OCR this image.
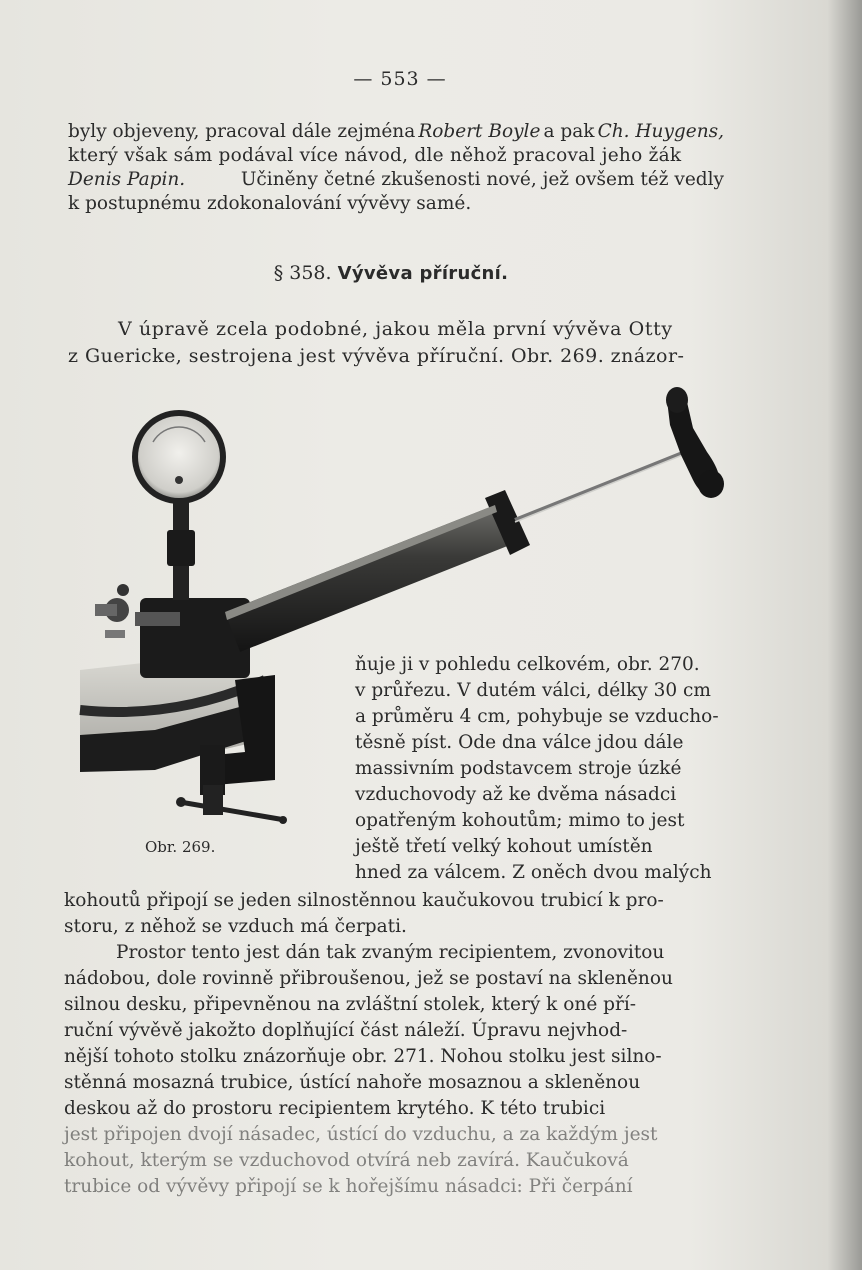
— 553 —
byly objeveny, pracoval dále zejména Robert Boyle a pak Ch. Huygens,
který však sám podával více návod, dle něhož pracoval jeho žák
Denis Papin.	Učiněny četné zkušenosti nové, jež ovšem též vedly
k postupnému zdokonalování vývěvy samé.
§ 358. Vývěva příruční.
V úpravě zcela podobné, jakou měla první vývěva Otty
z Guericke, sestrojena jest vývěva příruční. Obr. 269. znázor-
Obr. 269.
ňuje ji v pohledu celkovém, obr. 270.
v průřezu. V dutém válci, délky 30 cm
a průměru 4 cm, pohybuje se vzducho-
těsně píst. Ode dna válce jdou dále
massivním podstavcem stroje úzké
vzduchovody až ke dvěma násadci
opatřeným kohoutům; mimo to jest
ještě třetí velký kohout umístěn
hned za válcem. Z oněch dvou malých
kohoutů připojí se jeden silnostěnnou kaučukovou trubicí k pro-
storu, z něhož se vzduch má čerpati.
Prostor tento jest dán tak zvaným recipientem, zvonovitou
nádobou, dole rovinně přibroušenou, jež se postaví na skleněnou
silnou desku, připevněnou na zvláštní stolek, který k oné pří-
ruční vývěvě jakožto doplňující část náleží. Úpravu nejvhod-
nější tohoto stolku znázorňuje obr. 271. Nohou stolku jest silno-
stěnná mosazná trubice, ústící nahoře mosaznou a skleněnou
deskou až do prostoru recipientem krytého. K této trubici
jest připojen dvojí násadec, ústící do vzduchu, a za každým jest
kohout, kterým se vzduchovod otvírá neb zavírá. Kaučuková
trubice od vývěvy připojí se k hořejšímu násadci: Při čerpání
